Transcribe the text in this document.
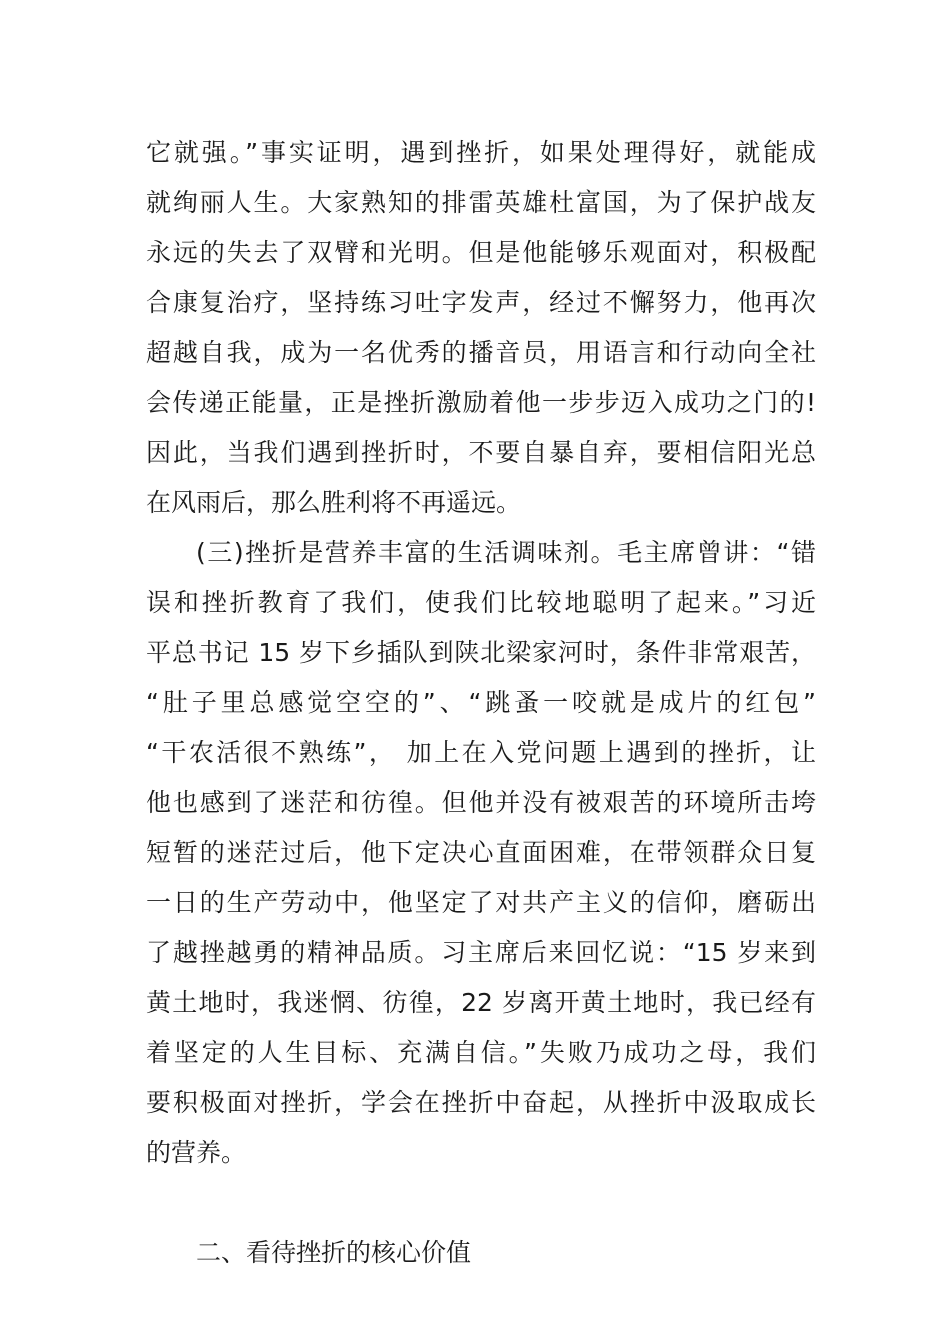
它就强。”事实证明，遇到挫折，如果处理得好，就能成
就绚丽人生。大家熟知的排雷英雄杜富国，为了保护战友
永远的失去了双臂和光明。但是他能够乐观面对，积极配
合康复治疗，坚持练习吐字发声，经过不懈努力，他再次
超越自我，成为一名优秀的播音员，用语言和行动向全社
会传递正能量，正是挫折激励着他一步步迈入成功之门的!
因此，当我们遇到挫折时，不要自暴自弃，要相信阳光总
在风雨后，那么胜利将不再遥远。
(三)挫折是营养丰富的生活调味剂。毛主席曾讲：“错
误和挫折教育了我们，使我们比较地聪明了起来。”习近
平总书记 15 岁下乡插队到陕北梁家河时，条件非常艰苦，
“肚子里总感觉空空的”、“跳蚤一咬就是成片的红包”
“干农活很不熟练”， 加上在入党问题上遇到的挫折，让
他也感到了迷茫和彷徨。但他并没有被艰苦的环境所击垮
短暂的迷茫过后，他下定决心直面困难，在带领群众日复
一日的生产劳动中，他坚定了对共产主义的信仰，磨砺出
了越挫越勇的精神品质。习主席后来回忆说：“15 岁来到
黄土地时，我迷惘、彷徨，22 岁离开黄土地时，我已经有
着坚定的人生目标、充满自信。”失败乃成功之母，我们
要积极面对挫折，学会在挫折中奋起，从挫折中汲取成长
的营养。
二、看待挫折的核心价值
